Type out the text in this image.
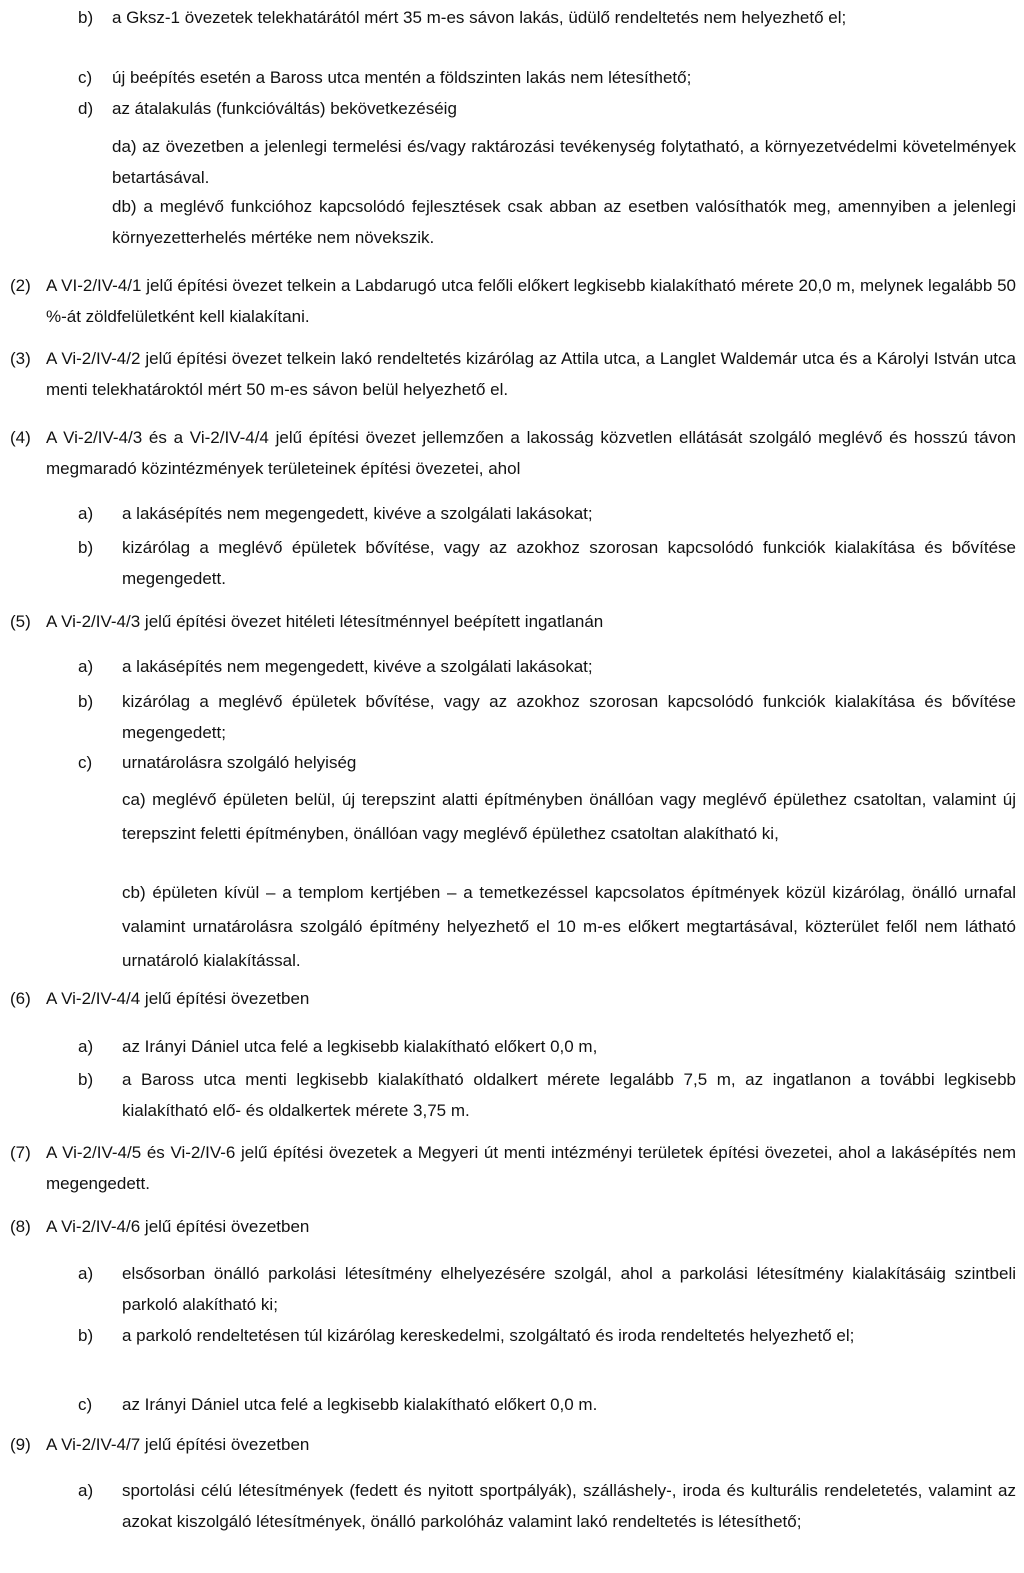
b) a Gksz-1 övezetek telekhatárától mért 35 m-es sávon lakás, üdülő rendeltetés nem helyezhető el;
c) új beépítés esetén a Baross utca mentén a földszinten lakás nem létesíthető;
d) az átalakulás (funkcióváltás) bekövetkezéséig
da) az övezetben a jelenlegi termelési és/vagy raktározási tevékenység folytatható, a környezetvédelmi követelmények betartásával.
db) a meglévő funkcióhoz kapcsolódó fejlesztések csak abban az esetben valósíthatók meg, amennyiben a jelenlegi környezetterhelés mértéke nem növekszik.
(2) A VI-2/IV-4/1 jelű építési övezet telkein a Labdarugó utca felőli előkert legkisebb kialakítható mérete 20,0 m, melynek legalább 50 %-át zöldfelületként kell kialakítani.
(3) A Vi-2/IV-4/2 jelű építési övezet telkein lakó rendeltetés kizárólag az Attila utca, a Langlet Waldemár utca és a Károlyi István utca menti telekhatároktól mért 50 m-es sávon belül helyezhető el.
(4) A Vi-2/IV-4/3 és a Vi-2/IV-4/4 jelű építési övezet jellemzően a lakosság közvetlen ellátását szolgáló meglévő és hosszú távon megmaradó közintézmények területeinek építési övezetei, ahol
a) a lakásépítés nem megengedett, kivéve a szolgálati lakásokat;
b) kizárólag a meglévő épületek bővítése, vagy az azokhoz szorosan kapcsolódó funkciók kialakítása és bővítése megengedett.
(5) A Vi-2/IV-4/3 jelű építési övezet hitéleti létesítménnyel beépített ingatlanán
a) a lakásépítés nem megengedett, kivéve a szolgálati lakásokat;
b) kizárólag a meglévő épületek bővítése, vagy az azokhoz szorosan kapcsolódó funkciók kialakítása és bővítése megengedett;
c) urnatárolásra szolgáló helyiség
ca) meglévő épületen belül, új terepszint alatti építményben önállóan vagy meglévő épülethez csatoltan, valamint új terepszint feletti építményben, önállóan vagy meglévő épülethez csatoltan alakítható ki,
cb) épületen kívül – a templom kertjében – a temetkezéssel kapcsolatos építmények közül kizárólag, önálló urnafal valamint urnatárolásra szolgáló építmény helyezhető el 10 m-es előkert megtartásával, közterület felől nem látható urnatároló kialakítással.
(6) A Vi-2/IV-4/4 jelű építési övezetben
a) az Irányi Dániel utca felé a legkisebb kialakítható előkert 0,0 m,
b) a Baross utca menti legkisebb kialakítható oldalkert mérete legalább 7,5 m, az ingatlanon a további legkisebb kialakítható elő- és oldalkertek mérete 3,75 m.
(7) A Vi-2/IV-4/5 és Vi-2/IV-6 jelű építési övezetek a Megyeri út menti intézményi területek építési övezetei, ahol a lakásépítés nem megengedett.
(8) A Vi-2/IV-4/6 jelű építési övezetben
a) elsősorban önálló parkolási létesítmény elhelyezésére szolgál, ahol a parkolási létesítmény kialakításáig szintbeli parkoló alakítható ki;
b) a parkoló rendeltetésen túl kizárólag kereskedelmi, szolgáltató és iroda rendeltetés helyezhető el;
c) az Irányi Dániel utca felé a legkisebb kialakítható előkert 0,0 m.
(9) A Vi-2/IV-4/7 jelű építési övezetben
a) sportolási célú létesítmények (fedett és nyitott sportpályák), szálláshely-, iroda és kulturális rendeletetés, valamint az azokat kiszolgáló létesítmények, önálló parkolóház valamint lakó rendeltetés is létesíthető;
